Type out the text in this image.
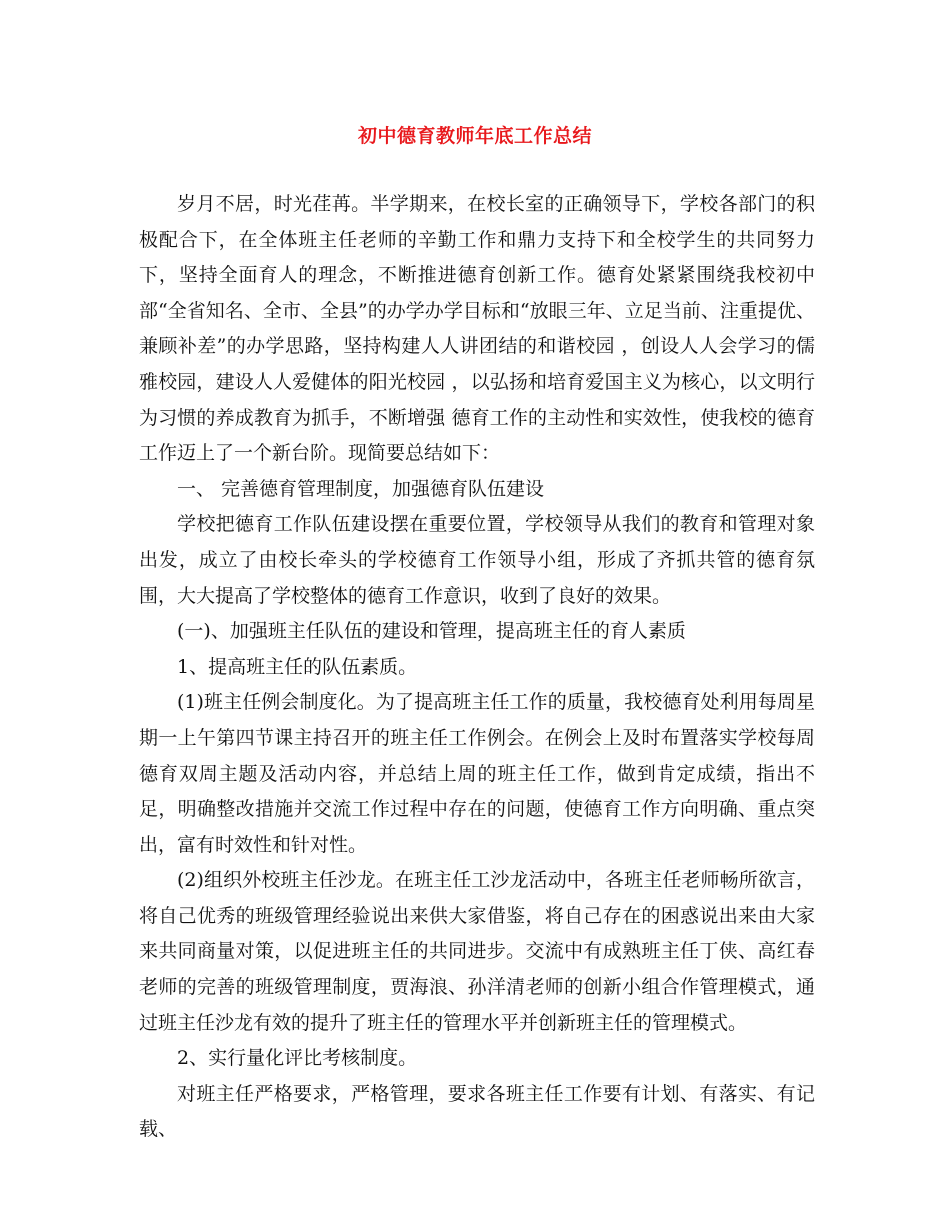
初中德育教师年底工作总结

岁月不居，时光荏苒。半学期来，在校长室的正确领导下，学校各部门的积极配合下，在全体班主任老师的辛勤工作和鼎力支持下和全校学生的共同努力下，坚持全面育人的理念，不断推进德育创新工作。德育处紧紧围绕我校初中部“全省知名、全市、全县”的办学办学目标和“放眼三年、立足当前、注重提优、兼顾补差”的办学思路，坚持构建人人讲团结的和谐校园 ，创设人人会学习的儒雅校园，建设人人爱健体的阳光校园 ，以弘扬和培育爱国主义为核心，以文明行为习惯的养成教育为抓手，不断增强 德育工作的主动性和实效性，使我校的德育工作迈上了一个新台阶。现简要总结如下：

一、 完善德育管理制度，加强德育队伍建设

学校把德育工作队伍建设摆在重要位置，学校领导从我们的教育和管理对象出发，成立了由校长牵头的学校德育工作领导小组，形成了齐抓共管的德育氛围，大大提高了学校整体的德育工作意识，收到了良好的效果。

(一)、加强班主任队伍的建设和管理，提高班主任的育人素质

1、提高班主任的队伍素质。

(1)班主任例会制度化。为了提高班主任工作的质量，我校德育处利用每周星期一上午第四节课主持召开的班主任工作例会。在例会上及时布置落实学校每周德育双周主题及活动内容，并总结上周的班主任工作，做到肯定成绩，指出不足，明确整改措施并交流工作过程中存在的问题，使德育工作方向明确、重点突出，富有时效性和针对性。

(2)组织外校班主任沙龙。在班主任工沙龙活动中，各班主任老师畅所欲言，将自己优秀的班级管理经验说出来供大家借鉴，将自己存在的困惑说出来由大家来共同商量对策，以促进班主任的共同进步。交流中有成熟班主任丁侠、高红春老师的完善的班级管理制度，贾海浪、孙洋清老师的创新小组合作管理模式，通过班主任沙龙有效的提升了班主任的管理水平并创新班主任的管理模式。

2、实行量化评比考核制度。

对班主任严格要求，严格管理，要求各班主任工作要有计划、有落实、有记载、
